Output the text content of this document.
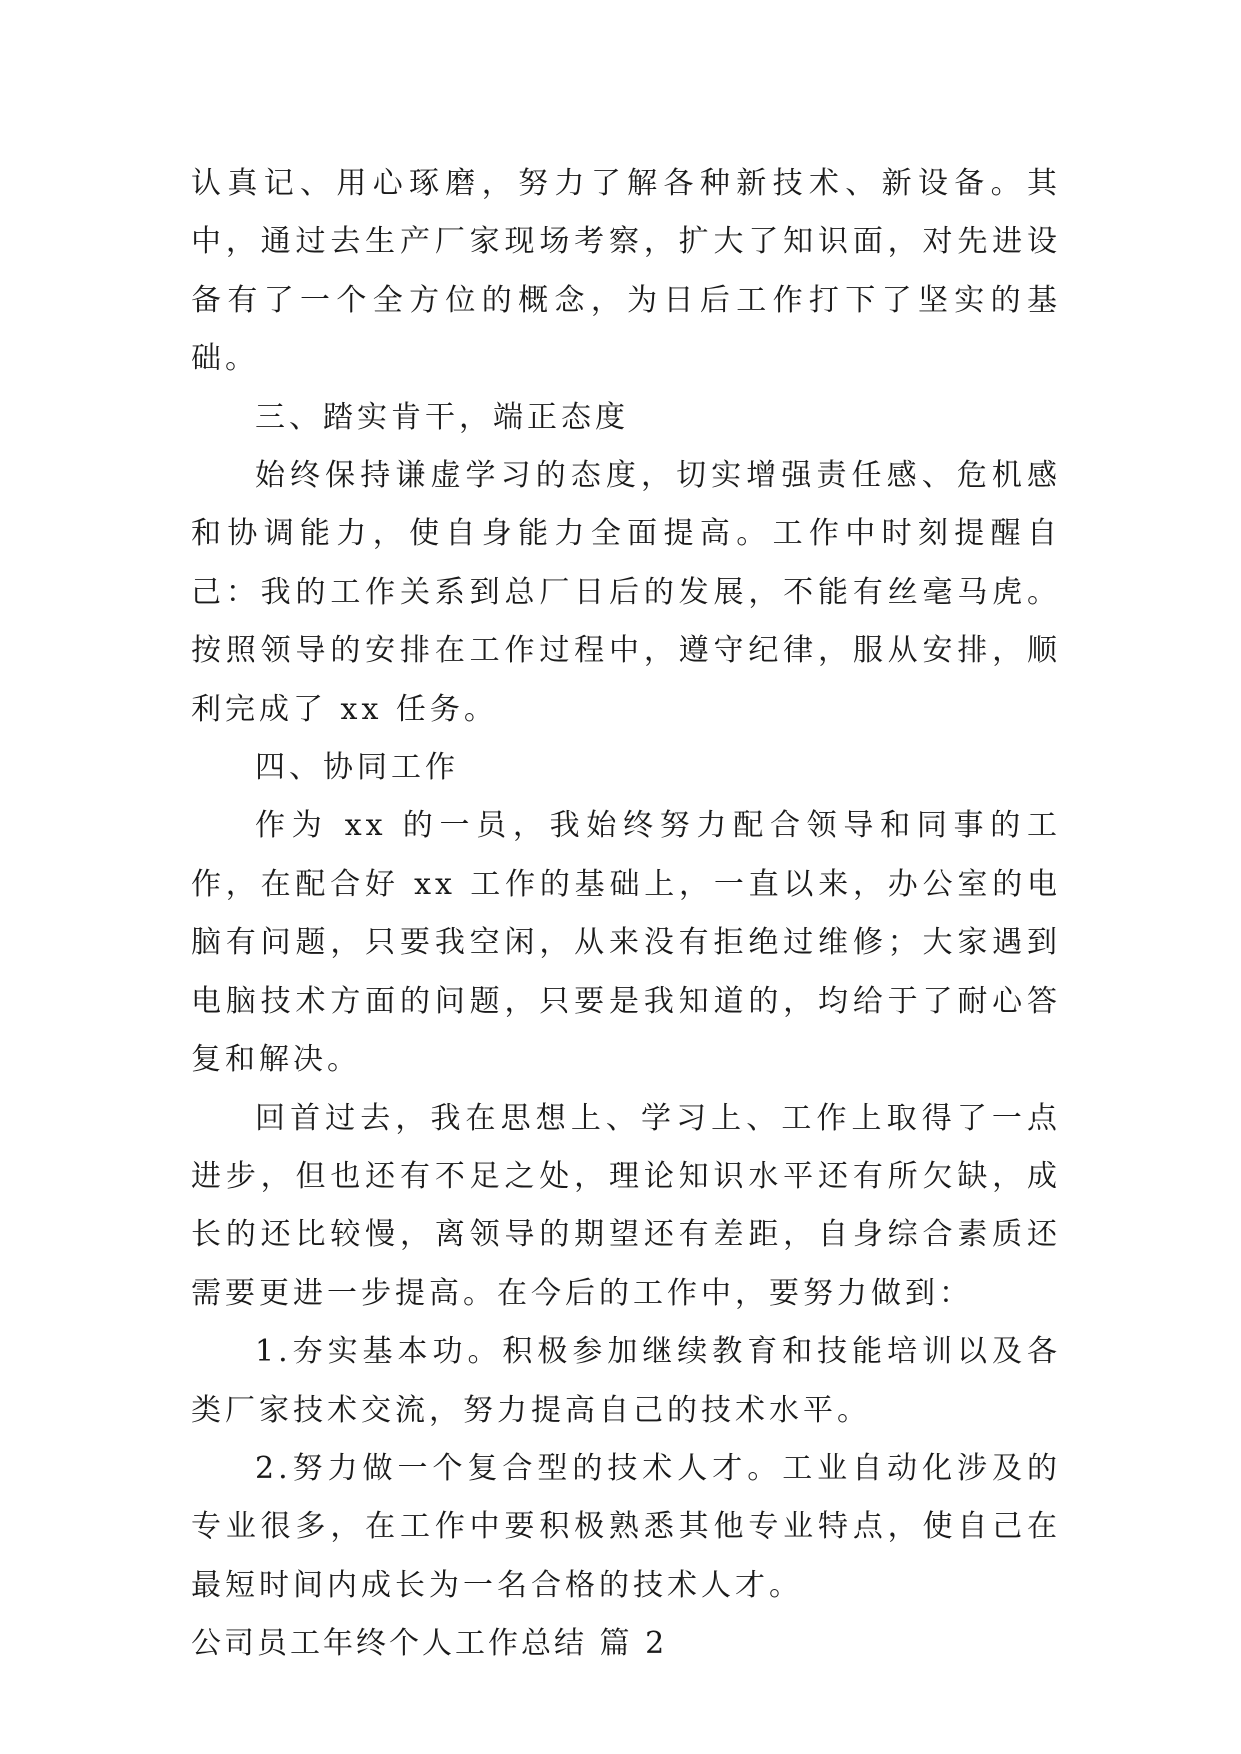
认真记、用心琢磨，努力了解各种新技术、新设备。其中，通过去生产厂家现场考察，扩大了知识面，对先进设备有了一个全方位的概念，为日后工作打下了坚实的基础。

三、踏实肯干，端正态度

始终保持谦虚学习的态度，切实增强责任感、危机感和协调能力，使自身能力全面提高。工作中时刻提醒自己：我的工作关系到总厂日后的发展，不能有丝毫马虎。按照领导的安排在工作过程中，遵守纪律，服从安排，顺利完成了 xx 任务。

四、协同工作

作为 xx 的一员，我始终努力配合领导和同事的工作，在配合好 xx 工作的基础上，一直以来，办公室的电脑有问题，只要我空闲，从来没有拒绝过维修；大家遇到电脑技术方面的问题，只要是我知道的，均给于了耐心答复和解决。

回首过去，我在思想上、学习上、工作上取得了一点进步，但也还有不足之处，理论知识水平还有所欠缺，成长的还比较慢，离领导的期望还有差距，自身综合素质还需要更进一步提高。在今后的工作中，要努力做到：

1.夯实基本功。积极参加继续教育和技能培训以及各类厂家技术交流，努力提高自己的技术水平。

2.努力做一个复合型的技术人才。工业自动化涉及的专业很多，在工作中要积极熟悉其他专业特点，使自己在最短时间内成长为一名合格的技术人才。

公司员工年终个人工作总结 篇 2
